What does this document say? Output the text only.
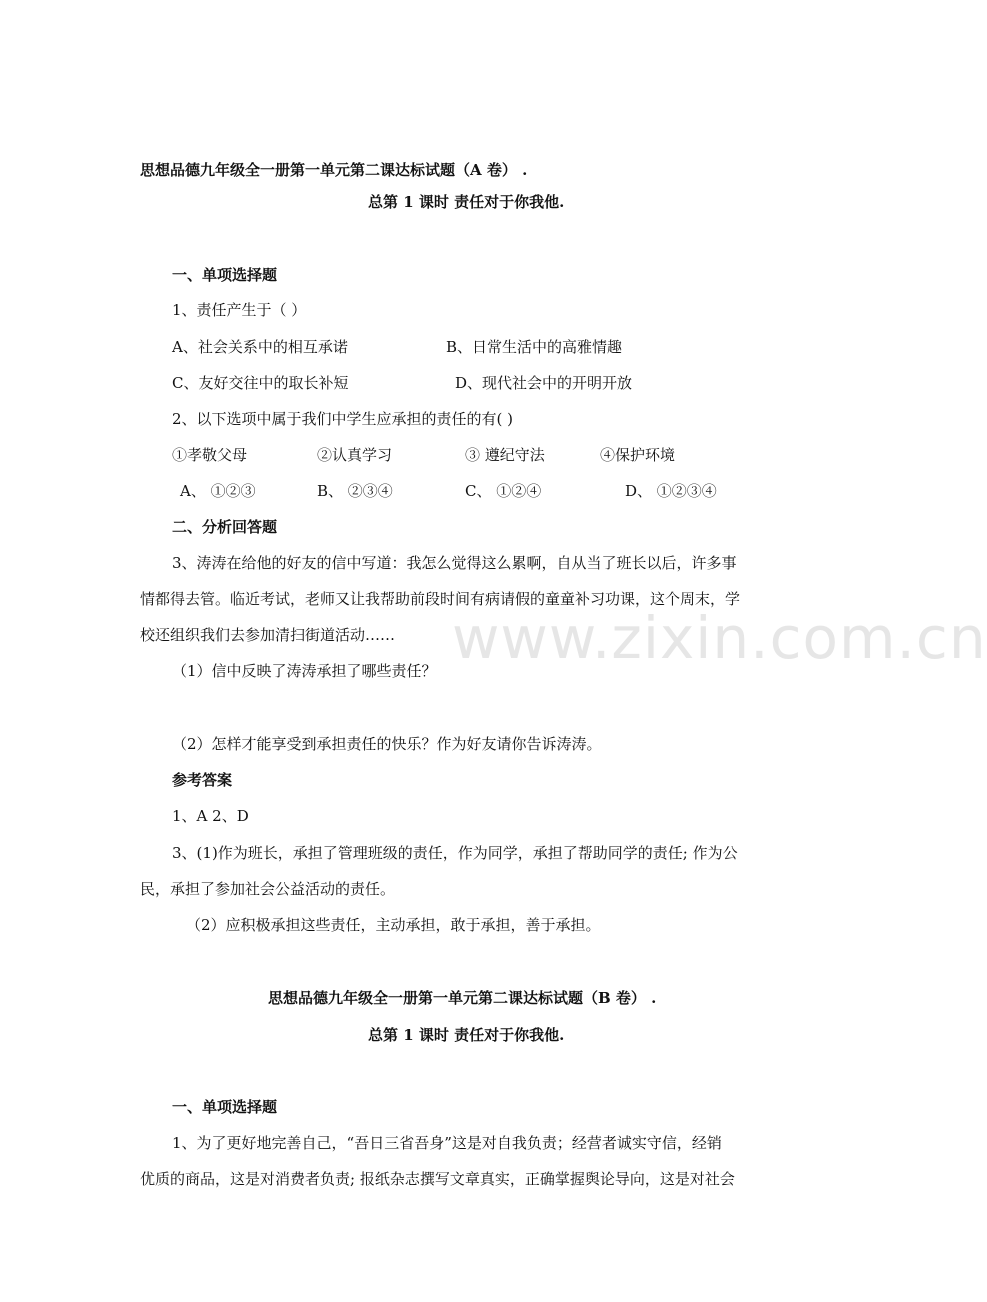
www.zixin.com.cn
思想品德九年级全一册第一单元第二课达标试题（A 卷） .
总第 1 课时 责任对于你我他.
一、单项选择题
1、责任产生于（ ）
A、社会关系中的相互承诺	B、日常生活中的高雅情趣
C、友好交往中的取长补短	D、现代社会中的开明开放
2、以下选项中属于我们中学生应承担的责任的有( )
①孝敬父母	②认真学习	③ 遵纪守法	④保护环境
A、 ①②③	B、 ②③④	C、 ①②④	D、 ①②③④
二、分析回答题
3、涛涛在给他的好友的信中写道：我怎么觉得这么累啊，自从当了班长以后，许多事
情都得去管。临近考试，老师又让我帮助前段时间有病请假的童童补习功课，这个周末，学
校还组织我们去参加清扫街道活动……
（1）信中反映了涛涛承担了哪些责任？
（2）怎样才能享受到承担责任的快乐？作为好友请你告诉涛涛。
参考答案
1、A 2、D
3、(1)作为班长，承担了管理班级的责任，作为同学，承担了帮助同学的责任; 作为公
民，承担了参加社会公益活动的责任。
（2）应积极承担这些责任，主动承担，敢于承担，善于承担。
思想品德九年级全一册第一单元第二课达标试题（B 卷） .
总第 1 课时 责任对于你我他.
一、单项选择题
1、为了更好地完善自己，“吾日三省吾身”这是对自我负责；经营者诚实守信，经销
优质的商品，这是对消费者负责; 报纸杂志撰写文章真实，正确掌握舆论导向，这是对社会
